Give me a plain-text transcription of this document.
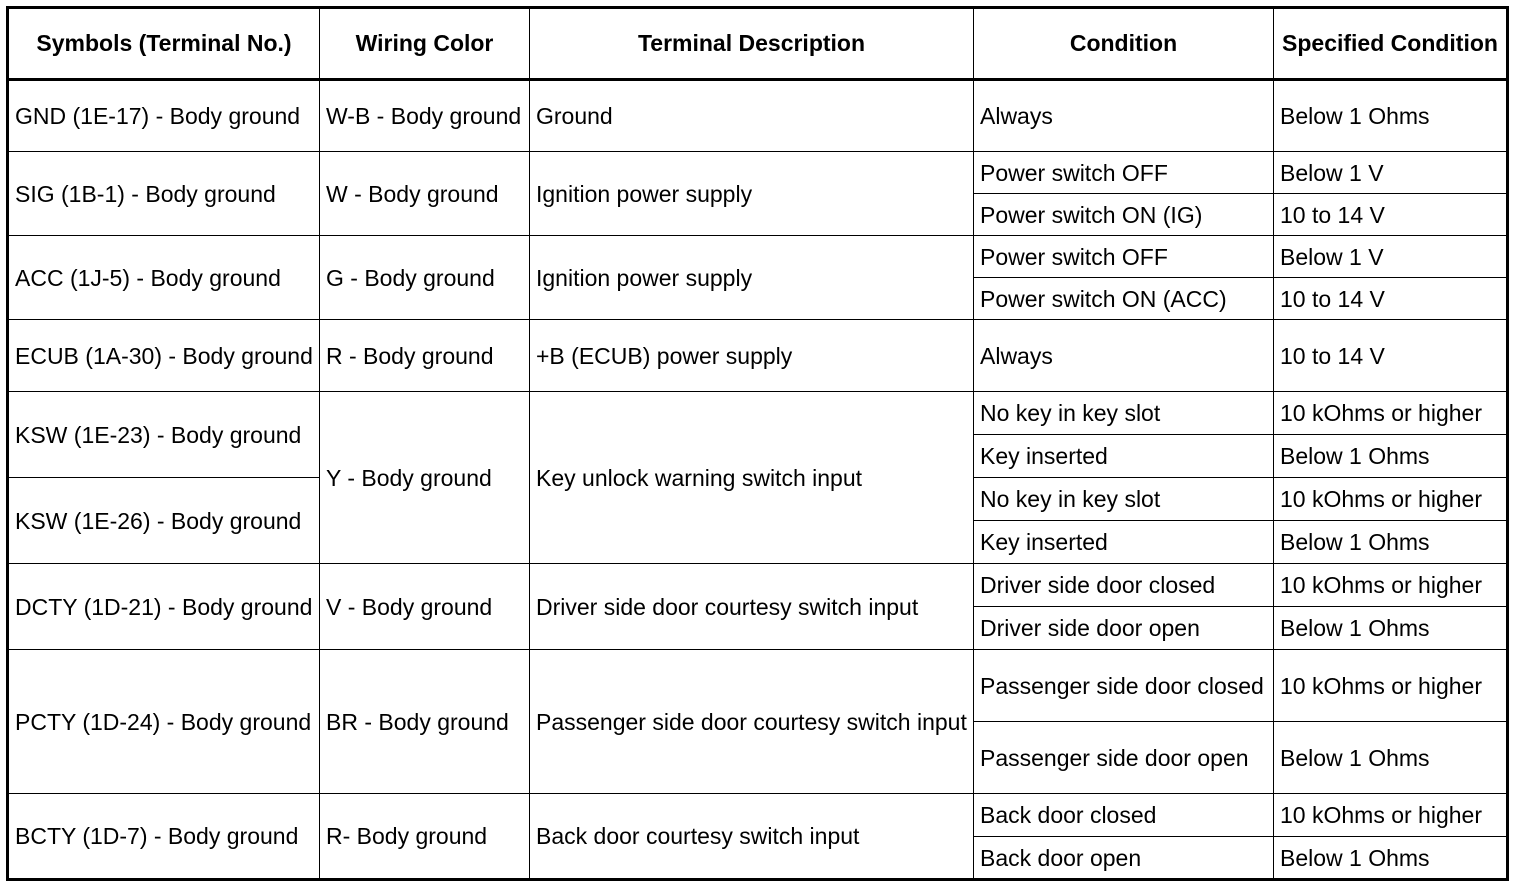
Symbols (Terminal No.)	Wiring Color	Terminal Description	Condition	Specified Condition
GND (1E-17) - Body ground	W-B - Body ground	Ground	Always	Below 1 Ohms
SIG (1B-1) - Body ground	W - Body ground	Ignition power supply	Power switch OFF	Below 1 V
			Power switch ON (IG)	10 to 14 V
ACC (1J-5) - Body ground	G - Body ground	Ignition power supply	Power switch OFF	Below 1 V
			Power switch ON (ACC)	10 to 14 V
ECUB (1A-30) - Body ground	R - Body ground	+B (ECUB) power supply	Always	10 to 14 V
KSW (1E-23) - Body ground	Y - Body ground	Key unlock warning switch input	No key in key slot	10 kOhms or higher
			Key inserted	Below 1 Ohms
KSW (1E-26) - Body ground			No key in key slot	10 kOhms or higher
			Key inserted	Below 1 Ohms
DCTY (1D-21) - Body ground	V - Body ground	Driver side door courtesy switch input	Driver side door closed	10 kOhms or higher
			Driver side door open	Below 1 Ohms
PCTY (1D-24) - Body ground	BR - Body ground	Passenger side door courtesy switch input	Passenger side door closed	10 kOhms or higher
			Passenger side door open	Below 1 Ohms
BCTY (1D-7) - Body ground	R- Body ground	Back door courtesy switch input	Back door closed	10 kOhms or higher
			Back door open	Below 1 Ohms
